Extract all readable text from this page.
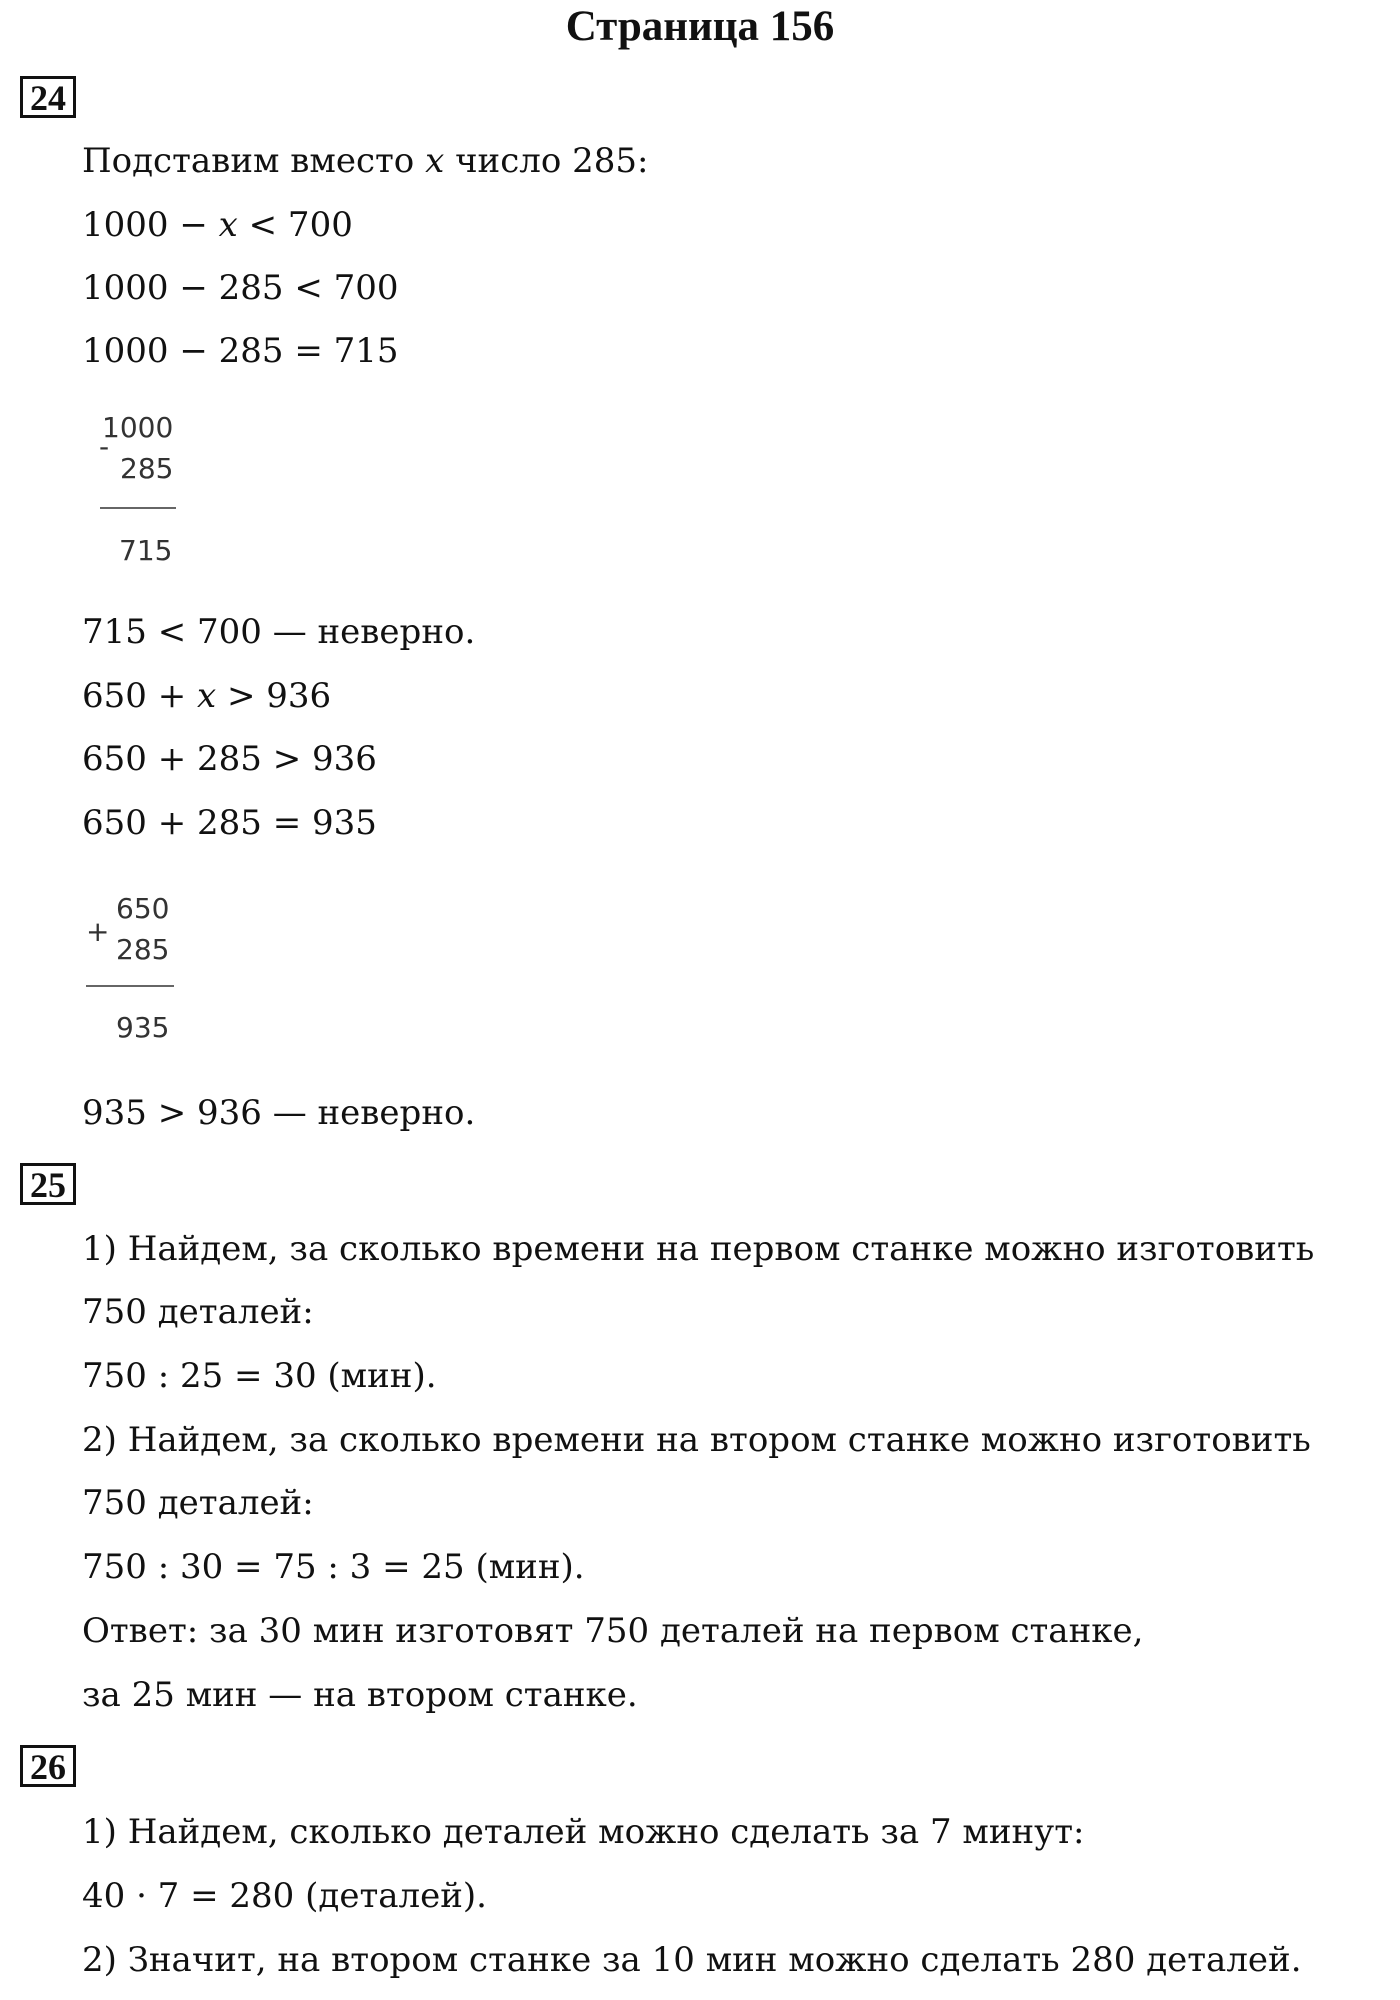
Страница 156
24
Подставим вместо x число 285:
1000 − x < 700
1000 − 285 < 700
1000 − 285 = 715
-
1000
285
715
715 < 700 — неверно.
650 + x > 936
650 + 285 > 936
650 + 285 = 935
+
650
285
935
935 > 936 — неверно.
25
1) Найдем, за сколько времени на первом станке можно изготовить
750 деталей:
750 : 25 = 30 (мин).
2) Найдем, за сколько времени на втором станке можно изготовить
750 деталей:
750 : 30 = 75 : 3 = 25 (мин).
Ответ: за 30 мин изготовят 750 деталей на первом станке,
за 25 мин — на втором станке.
26
1) Найдем, сколько деталей можно сделать за 7 минут:
40 · 7 = 280 (деталей).
2) Значит, на втором станке за 10 мин можно сделать 280 деталей.
